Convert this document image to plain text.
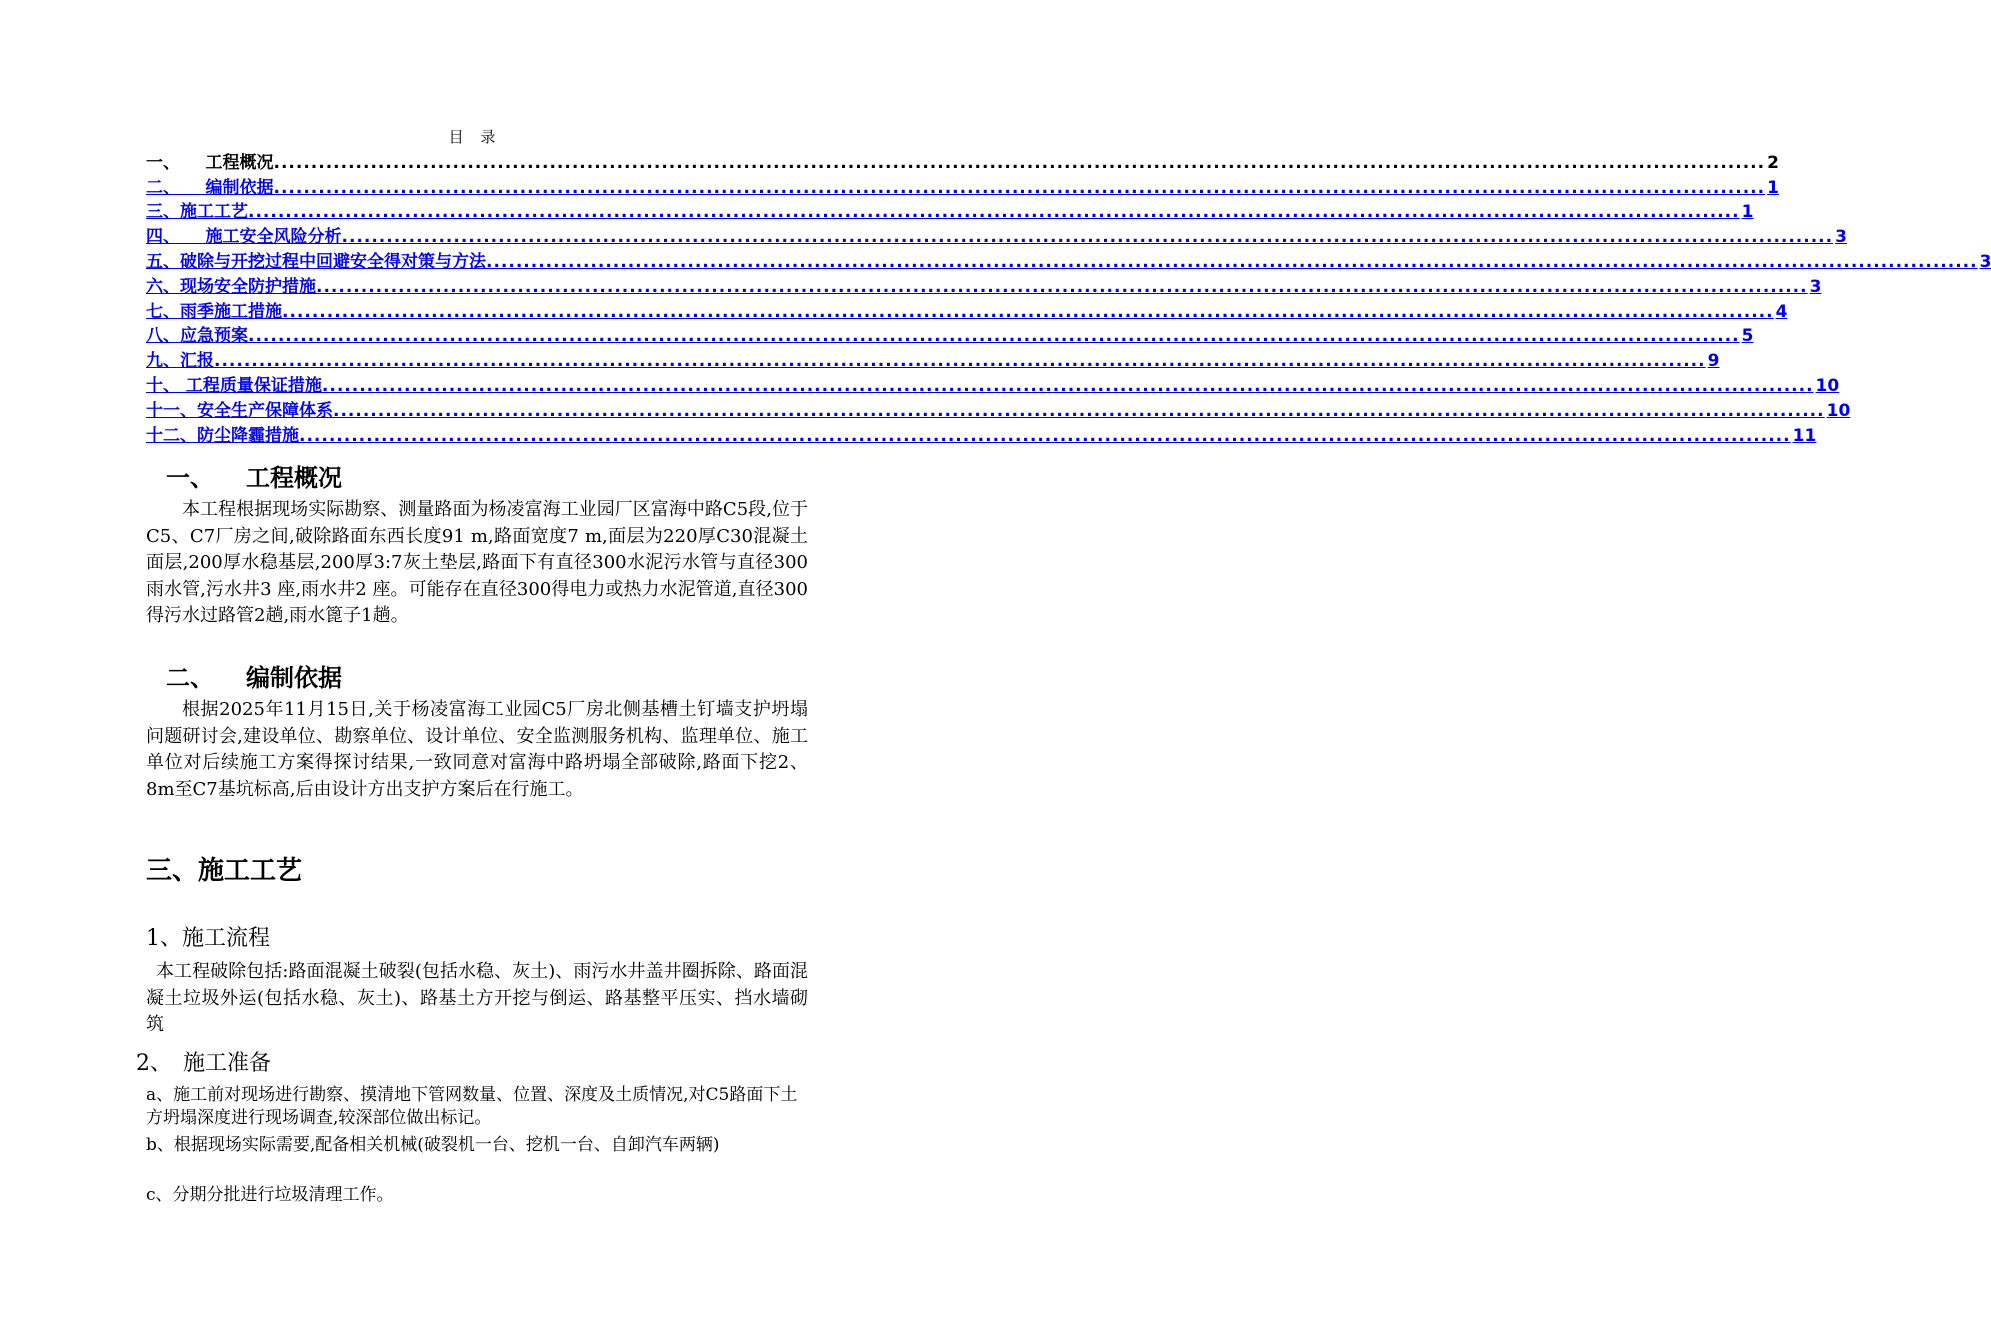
目 录
一、　　工程概况 ........................................................................................................................................................................................................ 2
二、　　编制依据 ........................................................................................................................................................................................................ 1
三、施工工艺 ........................................................................................................................................................................................................ 1
四、　　施工安全风险分析 ........................................................................................................................................................................................................ 3
五、破除与开挖过程中回避安全得对策与方法 ........................................................................................................................................................................................................ 3
六、现场安全防护措施 ........................................................................................................................................................................................................ 3
七、雨季施工措施 ........................................................................................................................................................................................................ 4
八、应急预案 ........................................................................................................................................................................................................ 5
九、汇报 ........................................................................................................................................................................................................ 9
十、 工程质量保证措施 ........................................................................................................................................................................................................ 10
十一、安全生产保障体系 ........................................................................................................................................................................................................ 10
十二、防尘降霾措施 ........................................................................................................................................................................................................ 11
一、 工程概况
本工程根据现场实际勘察、测量路面为杨凌富海工业园厂区富海中路C5段,位于C5、C7厂房之间,破除路面东西长度91 m,路面宽度7 m,面层为220厚C30混凝土面层,200厚水稳基层,200厚3:7灰土垫层,路面下有直径300水泥污水管与直径300雨水管,污水井3 座,雨水井2 座。可能存在直径300得电力或热力水泥管道,直径300得污水过路管2趟,雨水篦子1趟。
二、 编制依据
根据2025年11月15日,关于杨凌富海工业园C5厂房北侧基槽土钉墙支护坍塌问题研讨会,建设单位、勘察单位、设计单位、安全监测服务机构、监理单位、施工单位对后续施工方案得探讨结果,一致同意对富海中路坍塌全部破除,路面下挖2、8m至C7基坑标高,后由设计方出支护方案后在行施工。
三、施工工艺
1、施工流程
本工程破除包括:路面混凝土破裂(包括水稳、灰土)、雨污水井盖井圈拆除、路面混凝土垃圾外运(包括水稳、灰土)、路基土方开挖与倒运、路基整平压实、挡水墙砌筑
2、　施工准备
a、施工前对现场进行勘察、摸清地下管网数量、位置、深度及土质情况,对C5路面下土方坍塌深度进行现场调查,较深部位做出标记。
b、根据现场实际需要,配备相关机械(破裂机一台、挖机一台、自卸汽车两辆)
c、分期分批进行垃圾清理工作。
